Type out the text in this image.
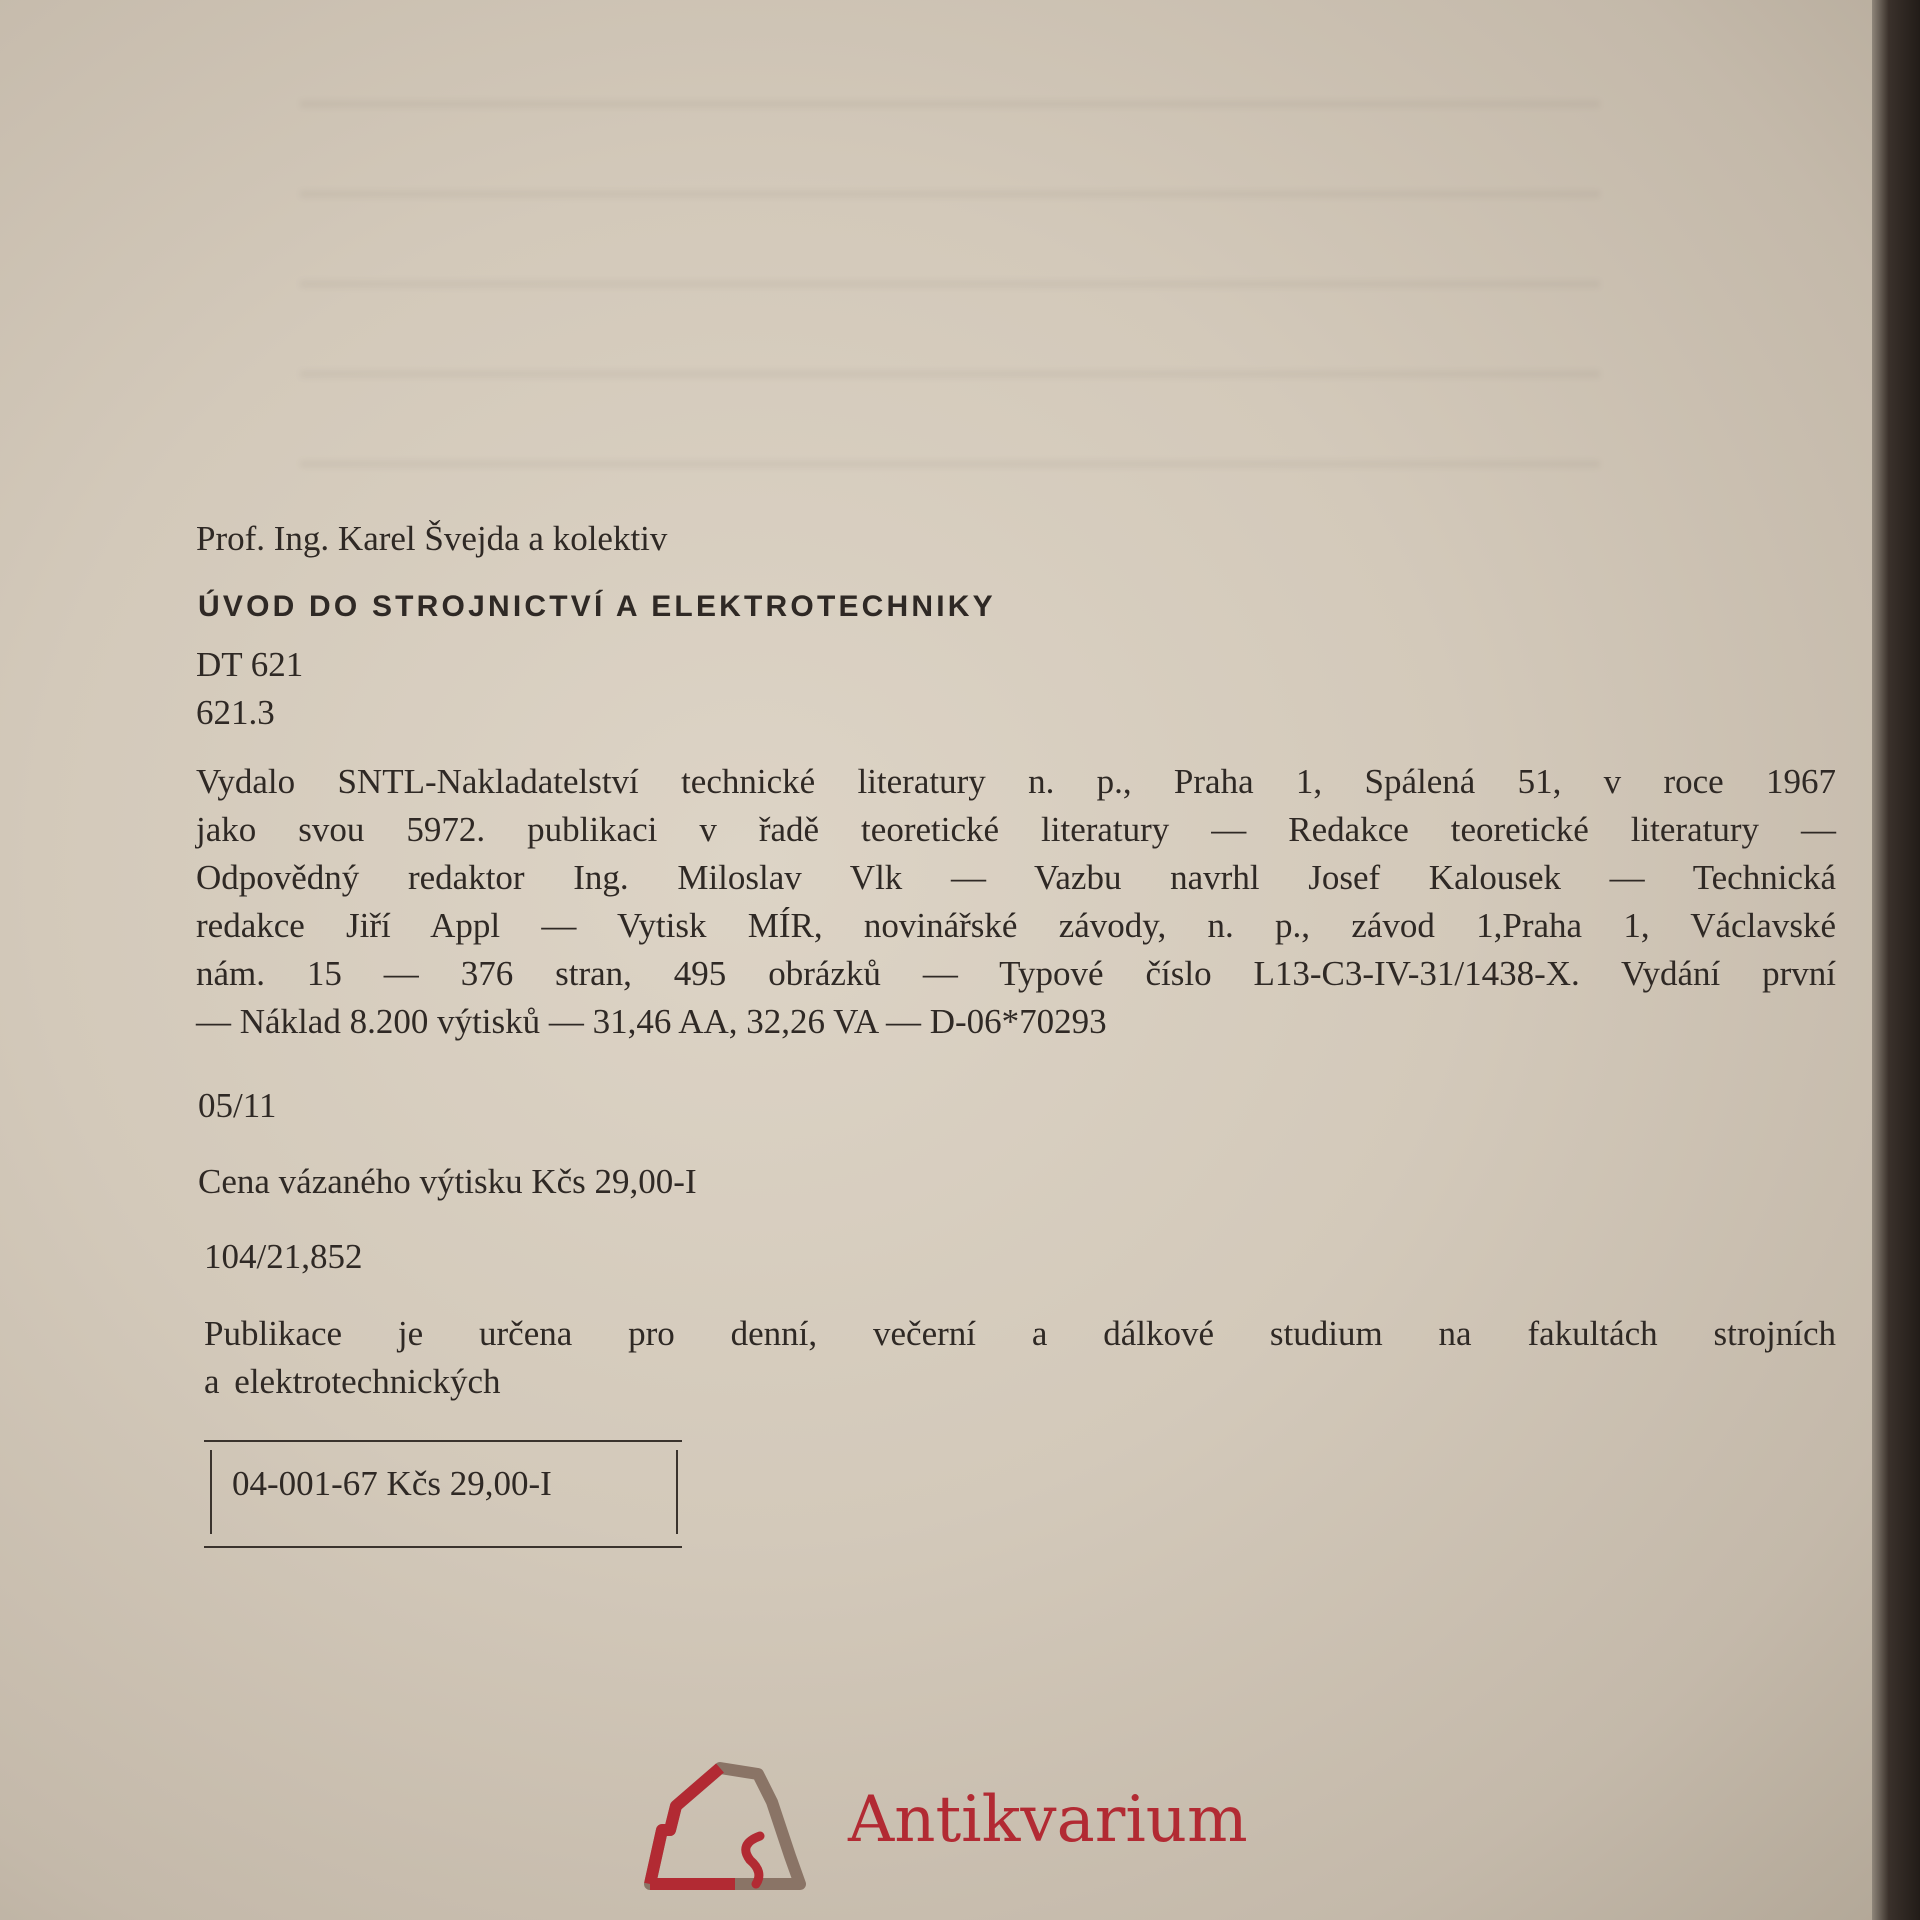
Prof. Ing. Karel Švejda a kolektiv
ÚVOD DO STROJNICTVÍ A ELEKTROTECHNIKY
DT 621
621.3
Vydalo SNTL-Nakladatelství technické literatury n. p., Praha 1, Spálená 51, v roce 1967
jako svou 5972. publikaci v řadě teoretické literatury — Redakce teoretické literatury —
Odpovědný redaktor Ing. Miloslav Vlk — Vazbu navrhl Josef Kalousek — Technická
redakce Jiří Appl — Vytisk MÍR, novinářské závody, n. p., závod 1,Praha 1, Václavské
nám. 15 — 376 stran, 495 obrázků — Typové číslo L13-C3-IV-31/1438-X. Vydání první
— Náklad 8.200 výtisků — 31,46 AA, 32,26 VA — D-06*70293
05/11
Cena vázaného výtisku Kčs 29,00-I
104/21,852
Publikace je určena pro denní, večerní a dálkové studium na fakultách strojních
a elektrotechnických
04-001-67 Kčs 29,00-I
Antikvarium
